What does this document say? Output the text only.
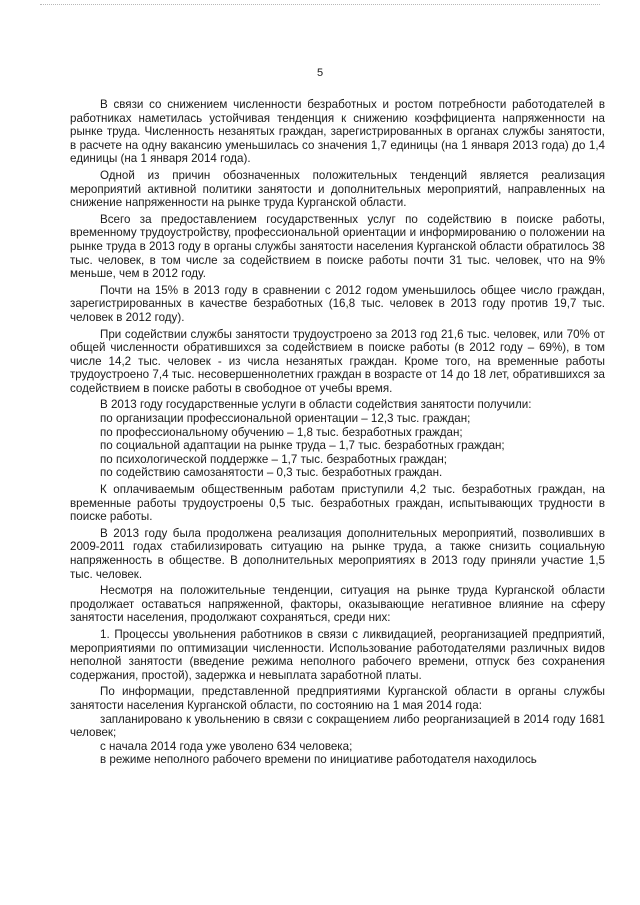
5

В связи со снижением численности безработных и ростом потребности работодателей в работниках наметилась устойчивая тенденция к снижению коэффициента напряженности на рынке труда. Численность незанятых граждан, зарегистрированных в органах службы занятости, в расчете на одну вакансию уменьшилась со значения 1,7 единицы (на 1 января 2013 года) до 1,4 единицы (на 1 января 2014 года).

Одной из причин обозначенных положительных тенденций является реализация мероприятий активной политики занятости и дополнительных мероприятий, направленных на снижение напряженности на рынке труда Курганской области.

Всего за предоставлением государственных услуг по содействию в поиске работы, временному трудоустройству, профессиональной ориентации и информированию о положении на рынке труда в 2013 году в органы службы занятости населения Курганской области обратилось 38 тыс. человек, в том числе за содействием в поиске работы почти 31 тыс. человек, что на 9% меньше, чем в 2012 году.

Почти на 15% в 2013 году в сравнении с 2012 годом уменьшилось общее число граждан, зарегистрированных в качестве безработных (16,8 тыс. человек в 2013 году против 19,7 тыс. человек в 2012 году).

При содействии службы занятости трудоустроено за 2013 год 21,6 тыс. человек, или 70% от общей численности обратившихся за содействием в поиске работы (в 2012 году – 69%), в том числе 14,2 тыс. человек - из числа незанятых граждан. Кроме того, на временные работы трудоустроено 7,4 тыс. несовершеннолетних граждан в возрасте от 14 до 18 лет, обратившихся за содействием в поиске работы в свободное от учебы время.

В 2013 году государственные услуги в области содействия занятости получили:

по организации профессиональной ориентации – 12,3 тыс. граждан;

по профессиональному обучению – 1,8 тыс. безработных граждан;

по социальной адаптации на рынке труда – 1,7 тыс. безработных граждан;

по психологической поддержке – 1,7 тыс. безработных граждан;

по содействию самозанятости – 0,3 тыс. безработных граждан.

К оплачиваемым общественным работам приступили 4,2 тыс. безработных граждан, на временные работы трудоустроены 0,5 тыс. безработных граждан, испытывающих трудности в поиске работы.

В 2013 году была продолжена реализация дополнительных мероприятий, позволивших в 2009-2011 годах стабилизировать ситуацию на рынке труда, а также снизить социальную напряженность в обществе. В дополнительных мероприятиях в 2013 году приняли участие 1,5 тыс. человек.

Несмотря на положительные тенденции, ситуация на рынке труда Курганской области продолжает оставаться напряженной, факторы, оказывающие негативное влияние на сферу занятости населения, продолжают сохраняться, среди них:

1. Процессы увольнения работников в связи с ликвидацией, реорганизацией предприятий, мероприятиями по оптимизации численности. Использование работодателями различных видов неполной занятости (введение режима неполного рабочего времени, отпуск без сохранения содержания, простой), задержка и невыплата заработной платы.

По информации, представленной предприятиями Курганской области в органы службы занятости населения Курганской области, по состоянию на 1 мая 2014 года:

запланировано к увольнению в связи с сокращением либо реорганизацией в 2014 году 1681 человек;

с начала 2014 года уже уволено 634 человека;

в режиме неполного рабочего времени по инициативе работодателя находилось
